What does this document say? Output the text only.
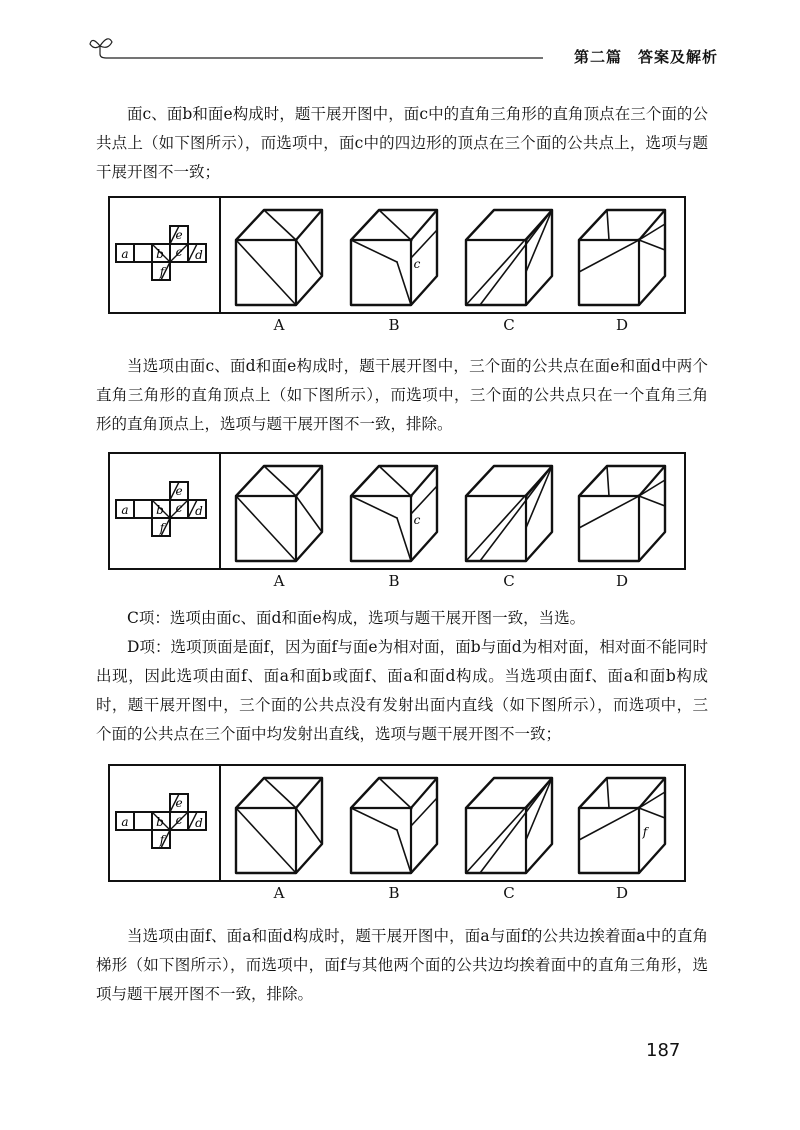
第二篇　答案及解析
面c、面b和面e构成时，题干展开图中，面c中的直角三角形的直角顶点在三个面的公共点上（如下图所示），而选项中，面c中的四边形的顶点在三个面的公共点上，选项与题干展开图不一致；
a b c d
e
f
c
A	B	C	D
当选项由面c、面d和面e构成时，题干展开图中，三个面的公共点在面e和面d中两个直角三角形的直角顶点上（如下图所示），而选项中，三个面的公共点只在一个直角三角形的直角顶点上，选项与题干展开图不一致，排除。
a b c d
e
f
c
A	B	C	D
C项：选项由面c、面d和面e构成，选项与题干展开图一致，当选。
D项：选项顶面是面f，因为面f与面e为相对面，面b与面d为相对面，相对面不能同时出现，因此选项由面f、面a和面b或面f、面a和面d构成。当选项由面f、面a和面b构成时，题干展开图中，三个面的公共点没有发射出面内直线（如下图所示），而选项中，三个面的公共点在三个面中均发射出直线，选项与题干展开图不一致；
a b c d
e
f
f
A	B	C	D
当选项由面f、面a和面d构成时，题干展开图中，面a与面f的公共边挨着面a中的直角梯形（如下图所示），而选项中，面f与其他两个面的公共边均挨着面中的直角三角形，选项与题干展开图不一致，排除。
187
